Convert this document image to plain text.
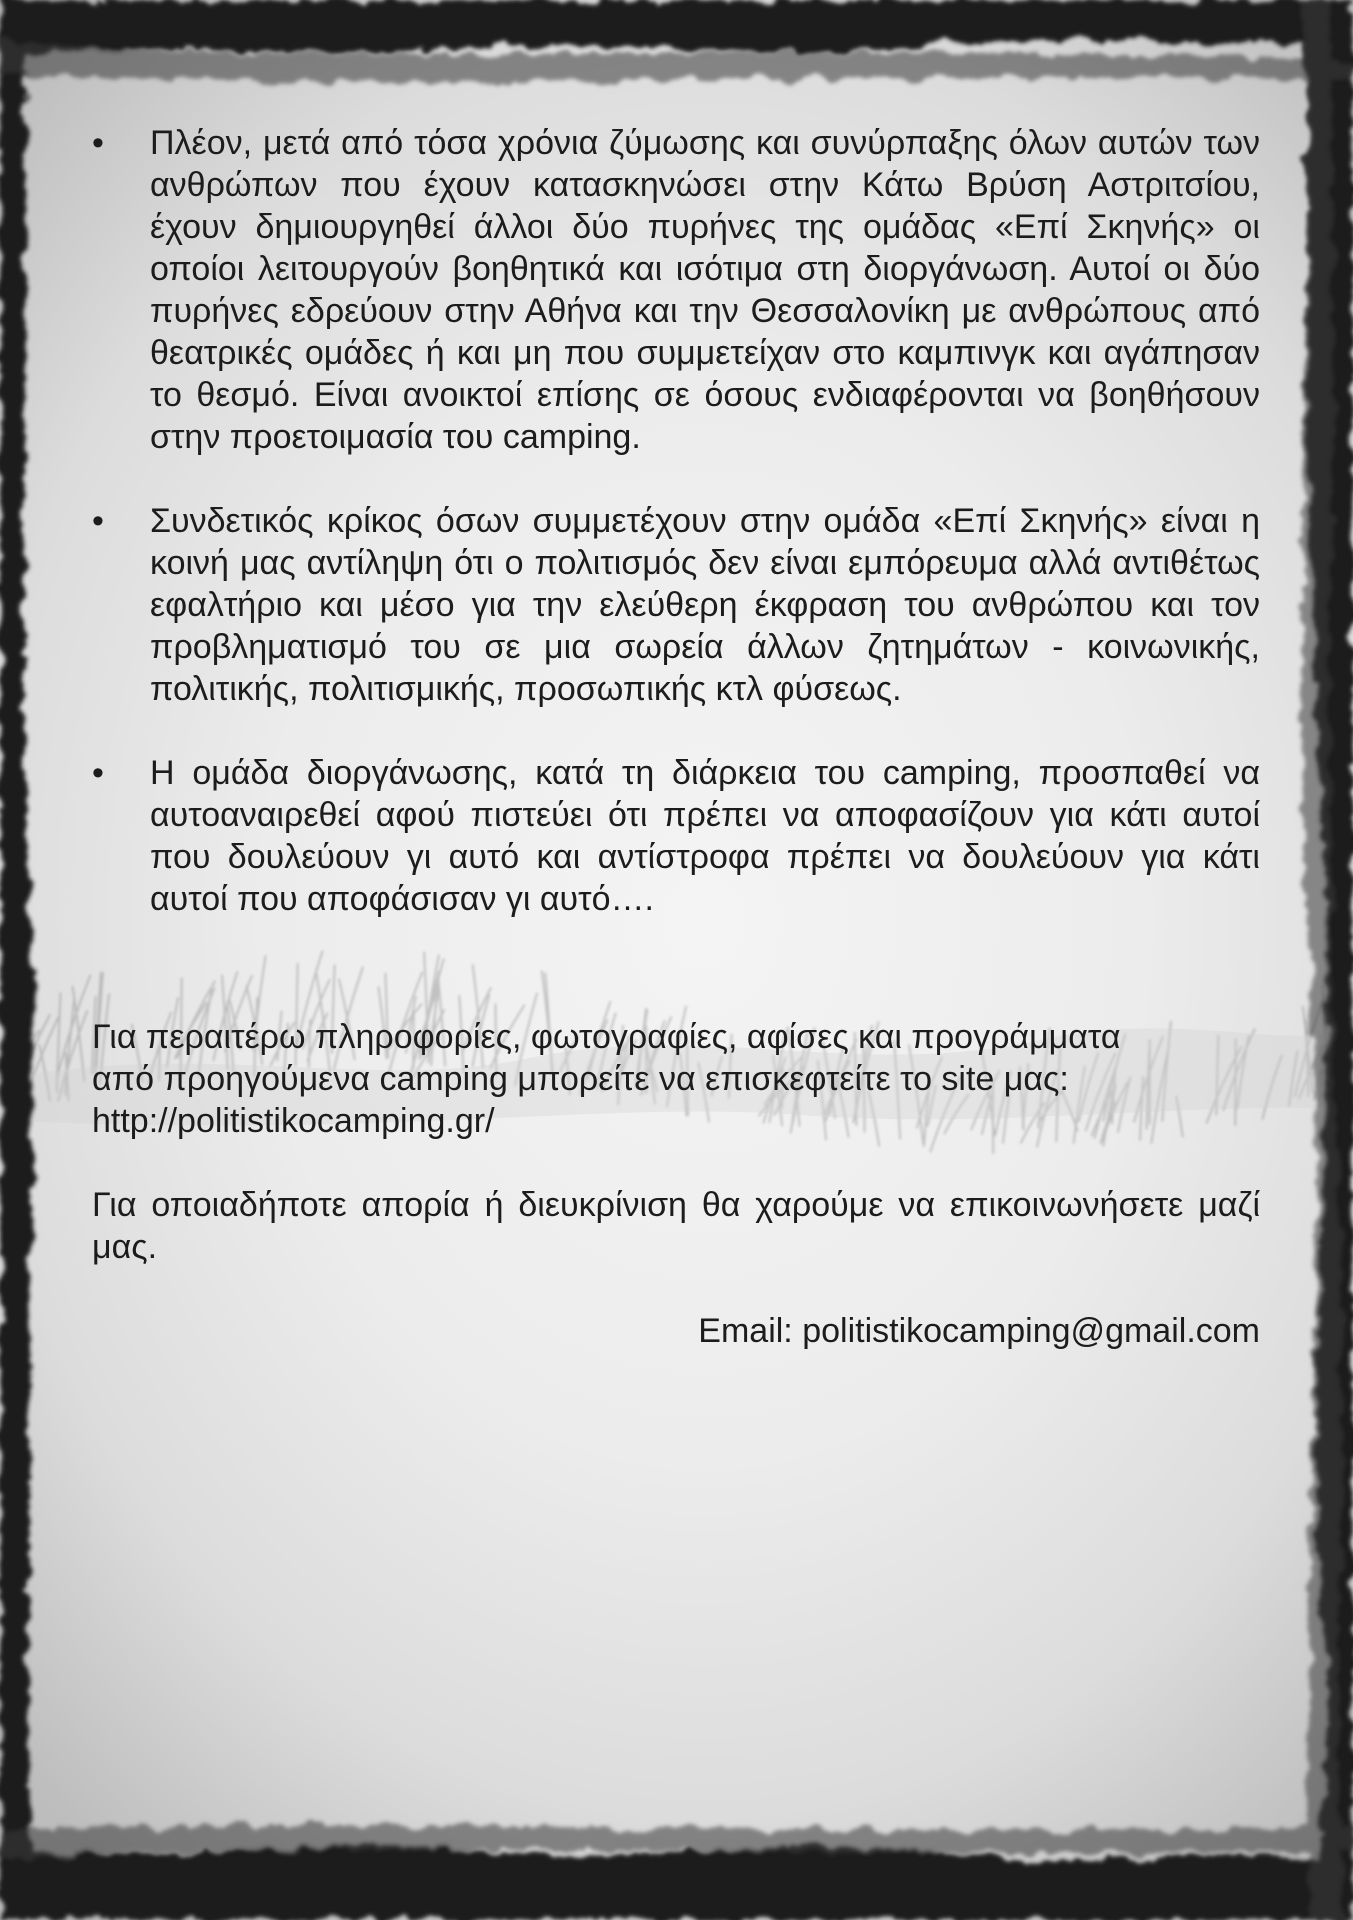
•	Πλέον, μετά από τόσα χρόνια ζύμωσης και συνύρπαξης όλων αυτών των ανθρώπων που έχουν κατασκηνώσει στην Κάτω Βρύση Αστριτσίου, έχουν δημιουργηθεί άλλοι δύο πυρήνες της ομάδας «Επί Σκηνής» οι οποίοι λειτουργούν βοηθητικά και ισότιμα στη διοργάνωση. Αυτοί οι δύο πυρήνες εδρεύουν στην Αθήνα και την Θεσσαλονίκη με ανθρώπους από θεατρικές ομάδες ή και μη που συμμετείχαν στο καμπινγκ και αγάπησαν το θεσμό. Είναι ανοικτοί επίσης σε όσους ενδιαφέρονται να βοηθήσουν στην προετοιμασία του camping.

•	Συνδετικός κρίκος όσων συμμετέχουν στην ομάδα «Επί Σκηνής» είναι η κοινή μας αντίληψη ότι ο πολιτισμός δεν είναι εμπόρευμα αλλά αντιθέτως εφαλτήριο και μέσο για την ελεύθερη έκφραση του ανθρώπου και τον προβληματισμό του σε μια σωρεία άλλων ζητημάτων - κοινωνικής, πολιτικής, πολιτισμικής, προσωπικής κτλ φύσεως.

•	Η ομάδα διοργάνωσης, κατά τη διάρκεια του camping, προσπαθεί να αυτοαναιρεθεί αφού πιστεύει ότι πρέπει να αποφασίζουν για κάτι αυτοί που δουλεύουν γι αυτό και αντίστροφα πρέπει να δουλεύουν για κάτι αυτοί που αποφάσισαν γι αυτό….

Για περαιτέρω πληροφορίες, φωτογραφίες, αφίσες και προγράμματα
από προηγούμενα camping μπορείτε να επισκεφτείτε το site μας:
http://politistikocamping.gr/

Για οποιαδήποτε απορία ή διευκρίνιση θα χαρούμε να επικοινωνήσετε μαζί μας.

Email: politistikocamping@gmail.com
